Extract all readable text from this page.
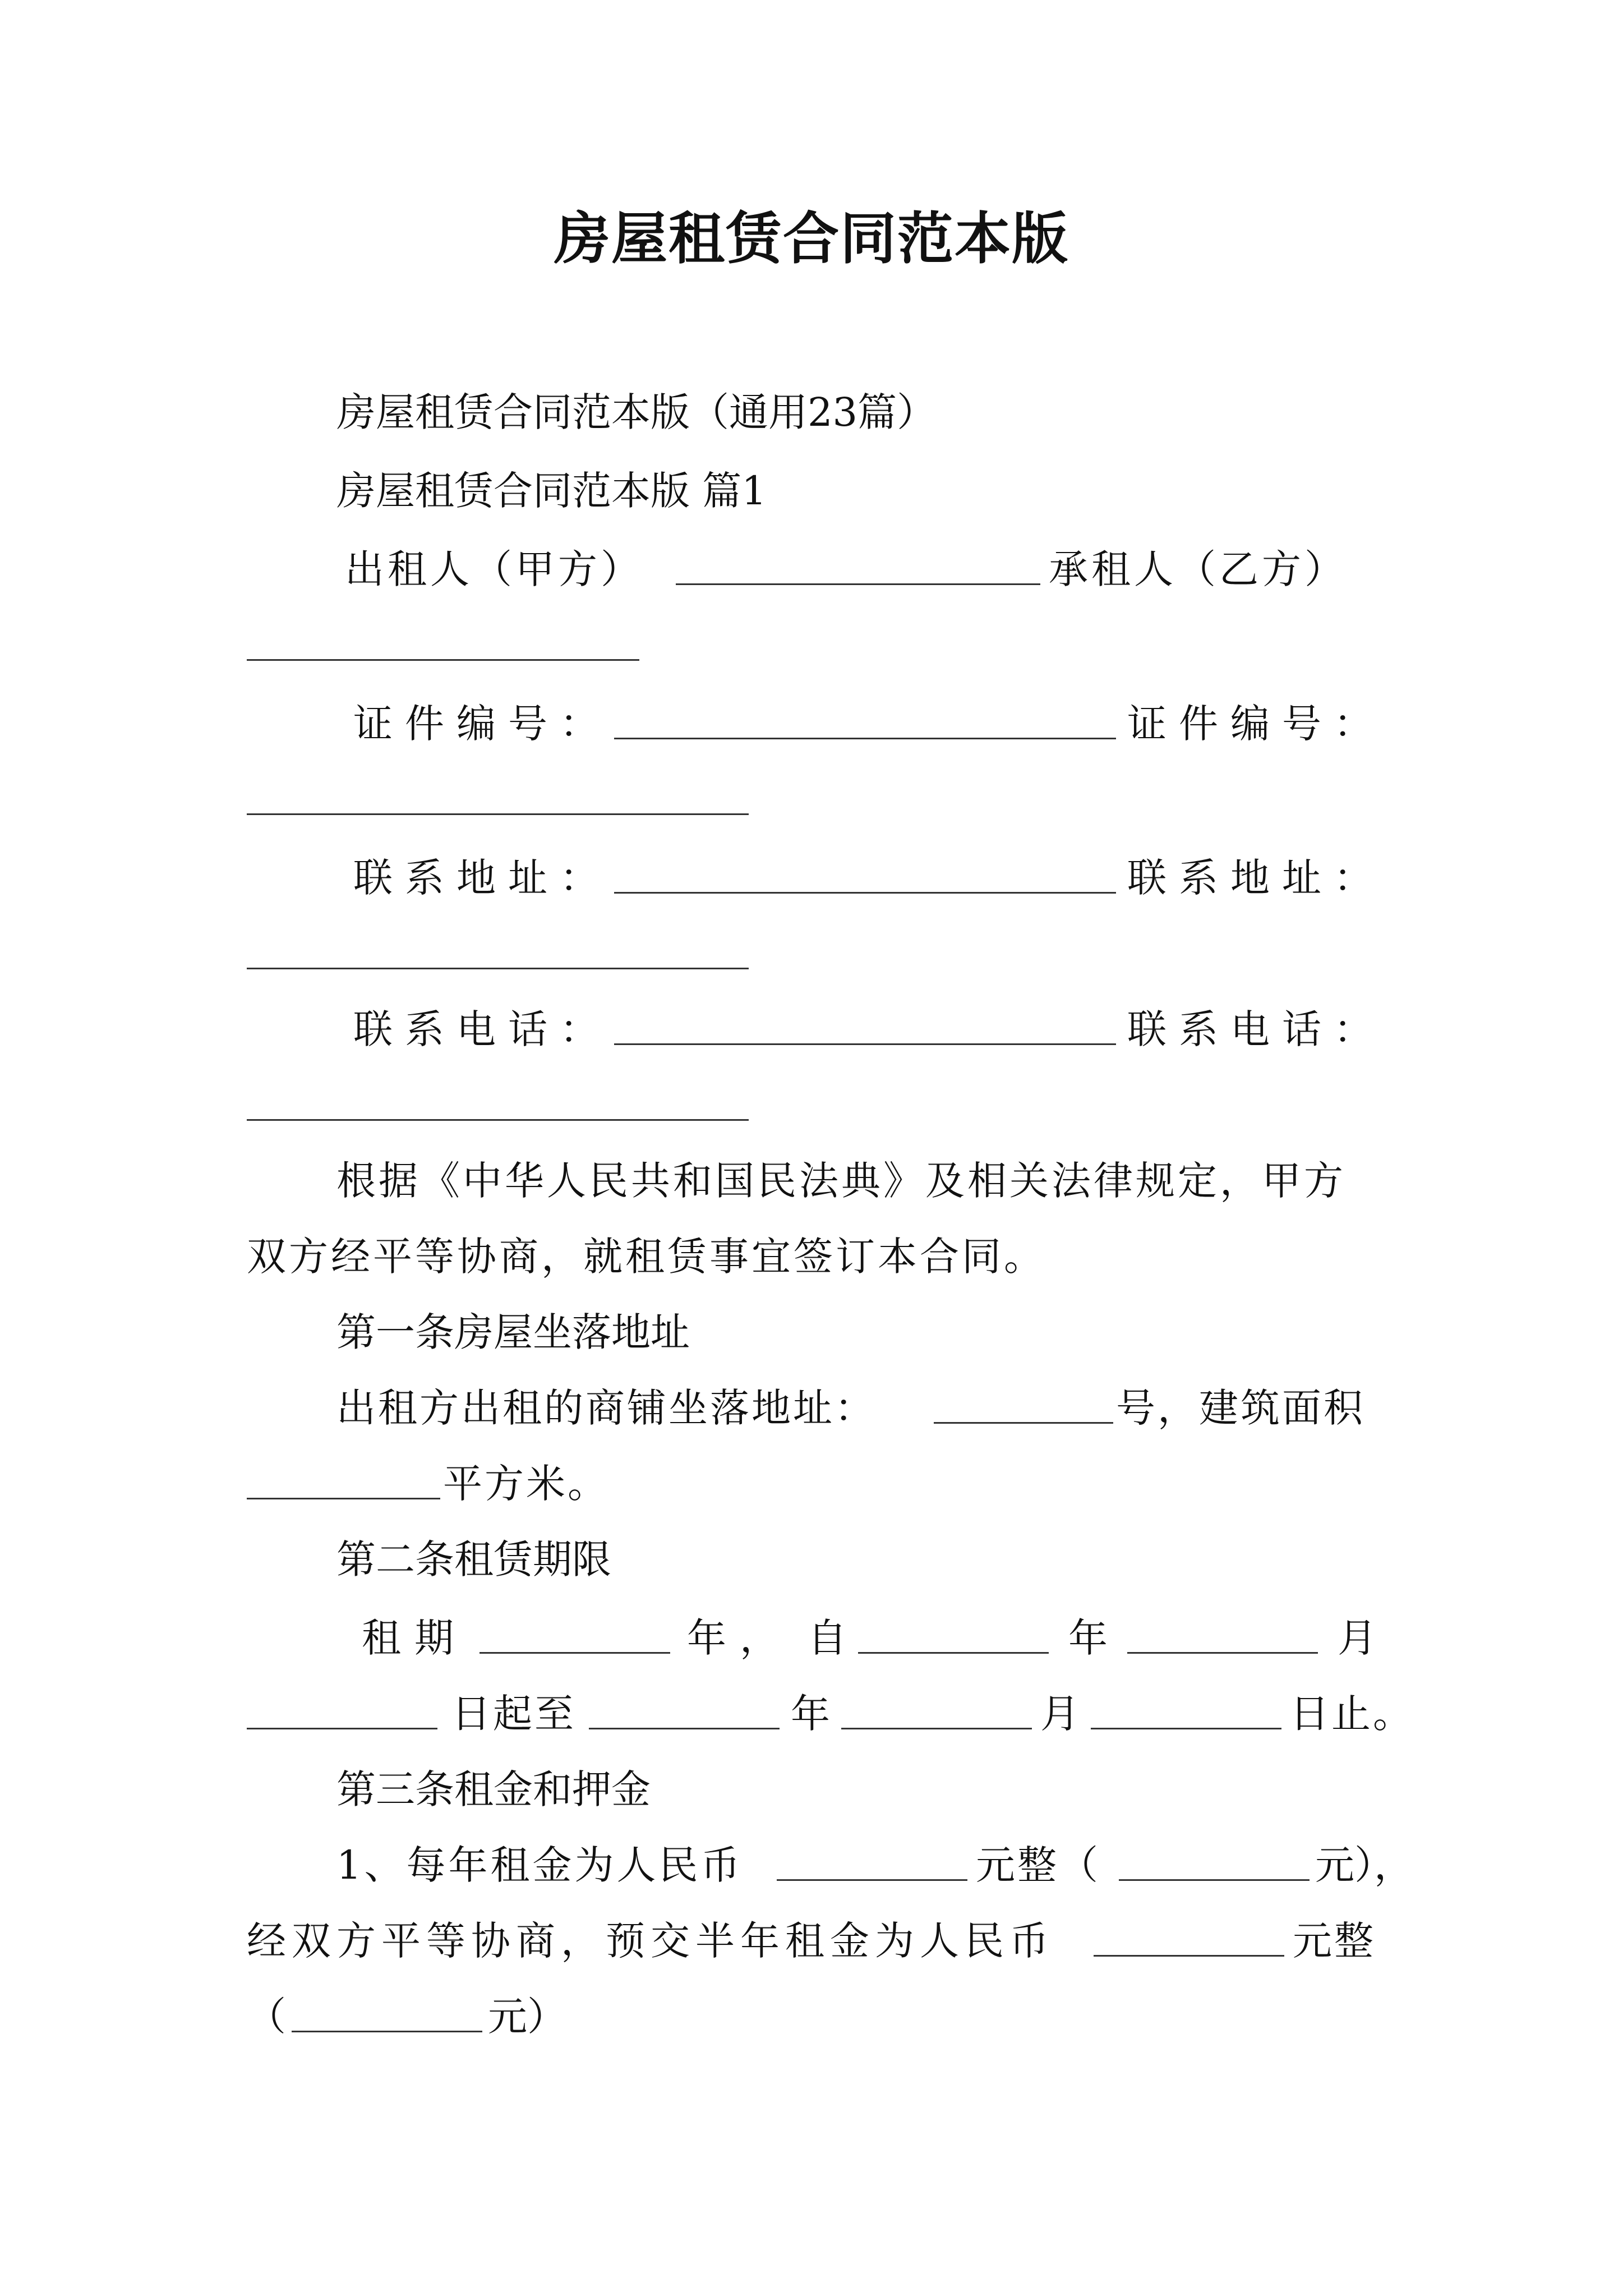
房屋租赁合同范本版
房屋租赁合同范本版（通用23篇）
房屋租赁合同范本版 篇1
出租人（甲方）	承租人（乙方）
证件编号：	证件编号：
联系地址：	联系地址：
联系电话：	联系电话：
根据《中华人民共和国民法典》及相关法律规定，甲方
双方经平等协商，就租赁事宜签订本合同。
第一条房屋坐落地址
出租方出租的商铺坐落地址：	号，建筑面积
平方米。
第二条租赁期限
租期	年， 自	年	月
日起至	年	月	日止。
第三条租金和押金
1、每年租金为人民币	元整（	元），
经双方平等协商，预交半年租金为人民币	元整
（	元）
